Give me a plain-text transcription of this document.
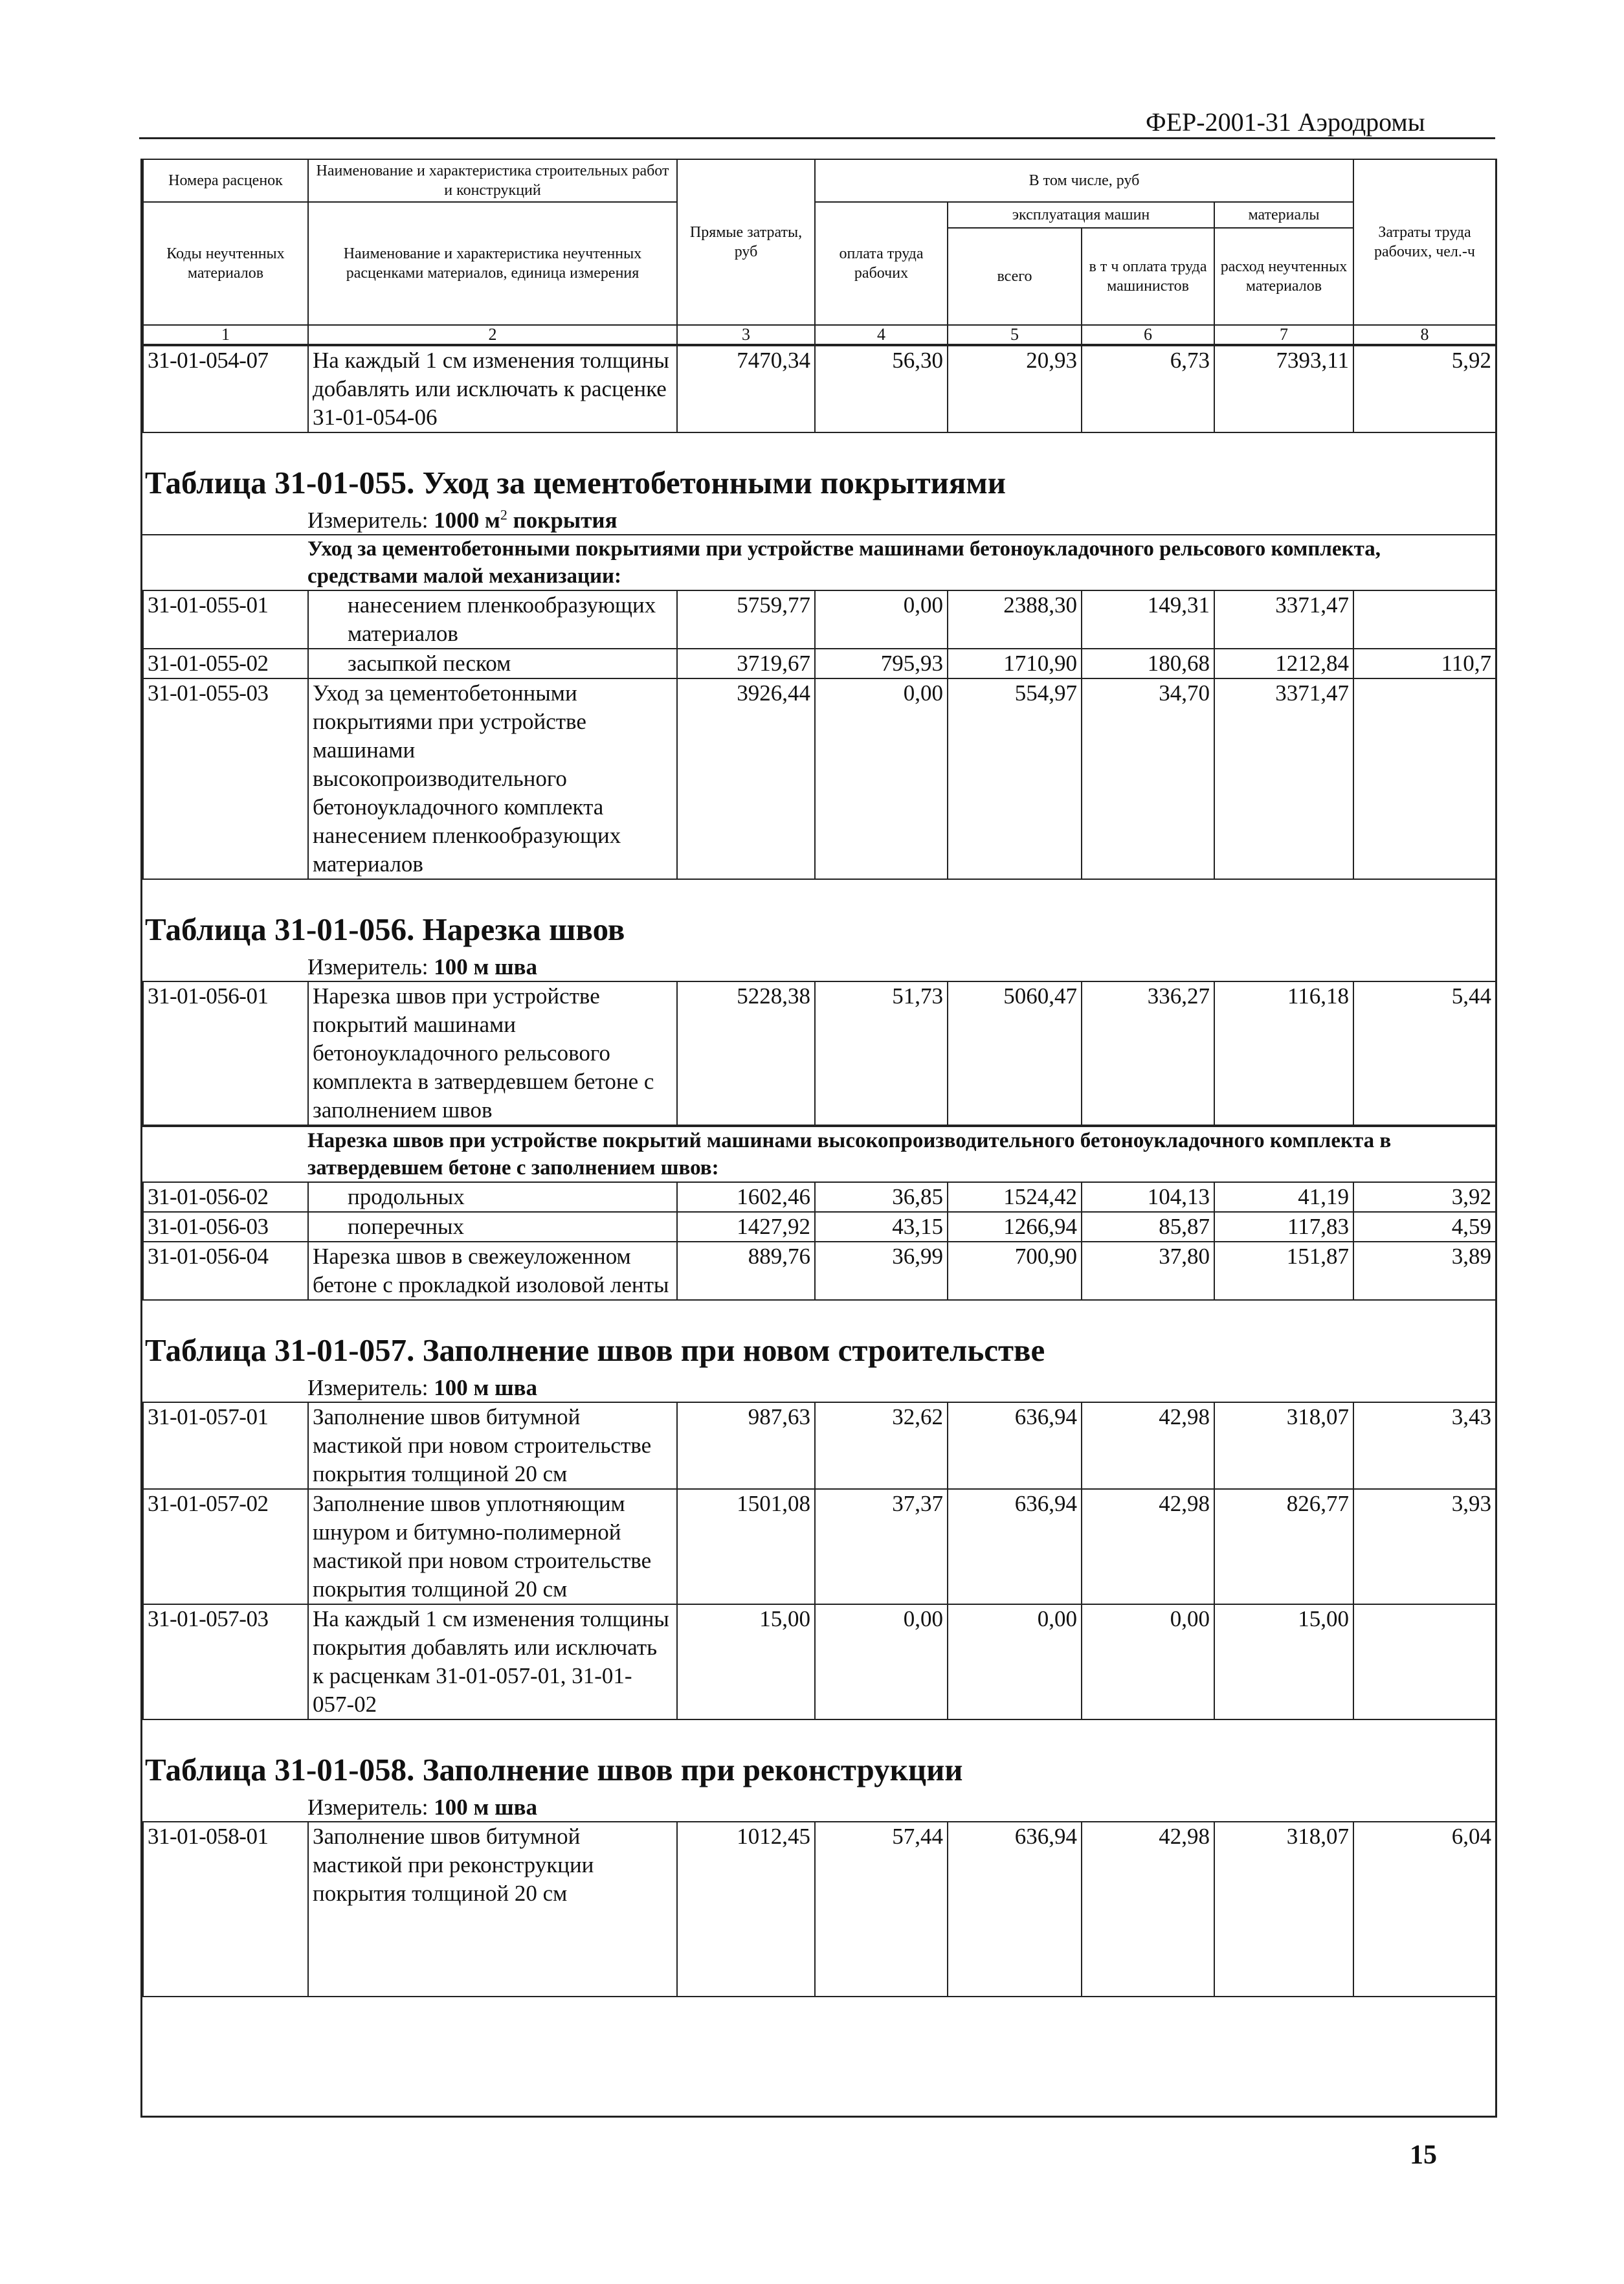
ФЕР-2001-31 Аэродромы
Номера расценок	Наименование и характеристика строительных работ и конструкций	Прямые затраты, руб	В том числе, руб				Затраты труда рабочих, чел.-ч
Коды неучтенных материалов	Наименование и характеристика неучтенных расценками материалов, единица измерения		оплата труда рабочих	эксплуатация машин		материалы	
				всего	в т ч оплата труда машинистов	расход неучтенных материалов	
1	2	3	4	5	6	7	8
31-01-054-07	На каждый 1 см изменения толщины добавлять или исключать к расценке 31-01-054-06	7470,34	56,30	20,93	6,73	7393,11	5,92
Таблица 31-01-055. Уход за цементобетонными покрытиями
Измеритель: 1000 $м^2$ покрытия
Уход за цементобетонными покрытиями при устройстве машинами бетоноукладочного рельсового комплекта, средствами малой механизации:
31-01-055-01	нанесением пленкообразующих материалов	5759,77	0,00	2388,30	149,31	3371,47	
31-01-055-02	засыпкой песком	3719,67	795,93	1710,90	180,68	1212,84	110,7
31-01-055-03	Уход за цементобетонными покрытиями при устройстве машинами высокопроизводительного бетоноукладочного комплекта нанесением пленкообразующих материалов	3926,44	0,00	554,97	34,70	3371,47	
Таблица 31-01-056. Нарезка швов
Измеритель: 100 м шва
31-01-056-01	Нарезка швов при устройстве покрытий машинами бетоноукладочного рельсового комплекта в затвердевшем бетоне с заполнением швов	5228,38	51,73	5060,47	336,27	116,18	5,44
Нарезка швов при устройстве покрытий машинами высокопроизводительного бетоноукладочного комплекта в затвердевшем бетоне с заполнением швов:
31-01-056-02	продольных	1602,46	36,85	1524,42	104,13	41,19	3,92
31-01-056-03	поперечных	1427,92	43,15	1266,94	85,87	117,83	4,59
31-01-056-04	Нарезка швов в свежеуложенном бетоне с прокладкой изоловой ленты	889,76	36,99	700,90	37,80	151,87	3,89
Таблица 31-01-057. Заполнение швов при новом строительстве
Измеритель: 100 м шва
31-01-057-01	Заполнение швов битумной мастикой при новом строительстве покрытия толщиной 20 см	987,63	32,62	636,94	42,98	318,07	3,43
31-01-057-02	Заполнение швов уплотняющим шнуром и битумно-полимерной мастикой при новом строительстве покрытия толщиной 20 см	1501,08	37,37	636,94	42,98	826,77	3,93
31-01-057-03	На каждый 1 см изменения толщины покрытия добавлять или исключать к расценкам 31-01-057-01, 31-01-057-02	15,00	0,00	0,00	0,00	15,00	
Таблица 31-01-058. Заполнение швов при реконструкции
Измеритель: 100 м шва
31-01-058-01	Заполнение швов битумной мастикой при реконструкции покрытия толщиной 20 см	1012,45	57,44	636,94	42,98	318,07	6,04
15
